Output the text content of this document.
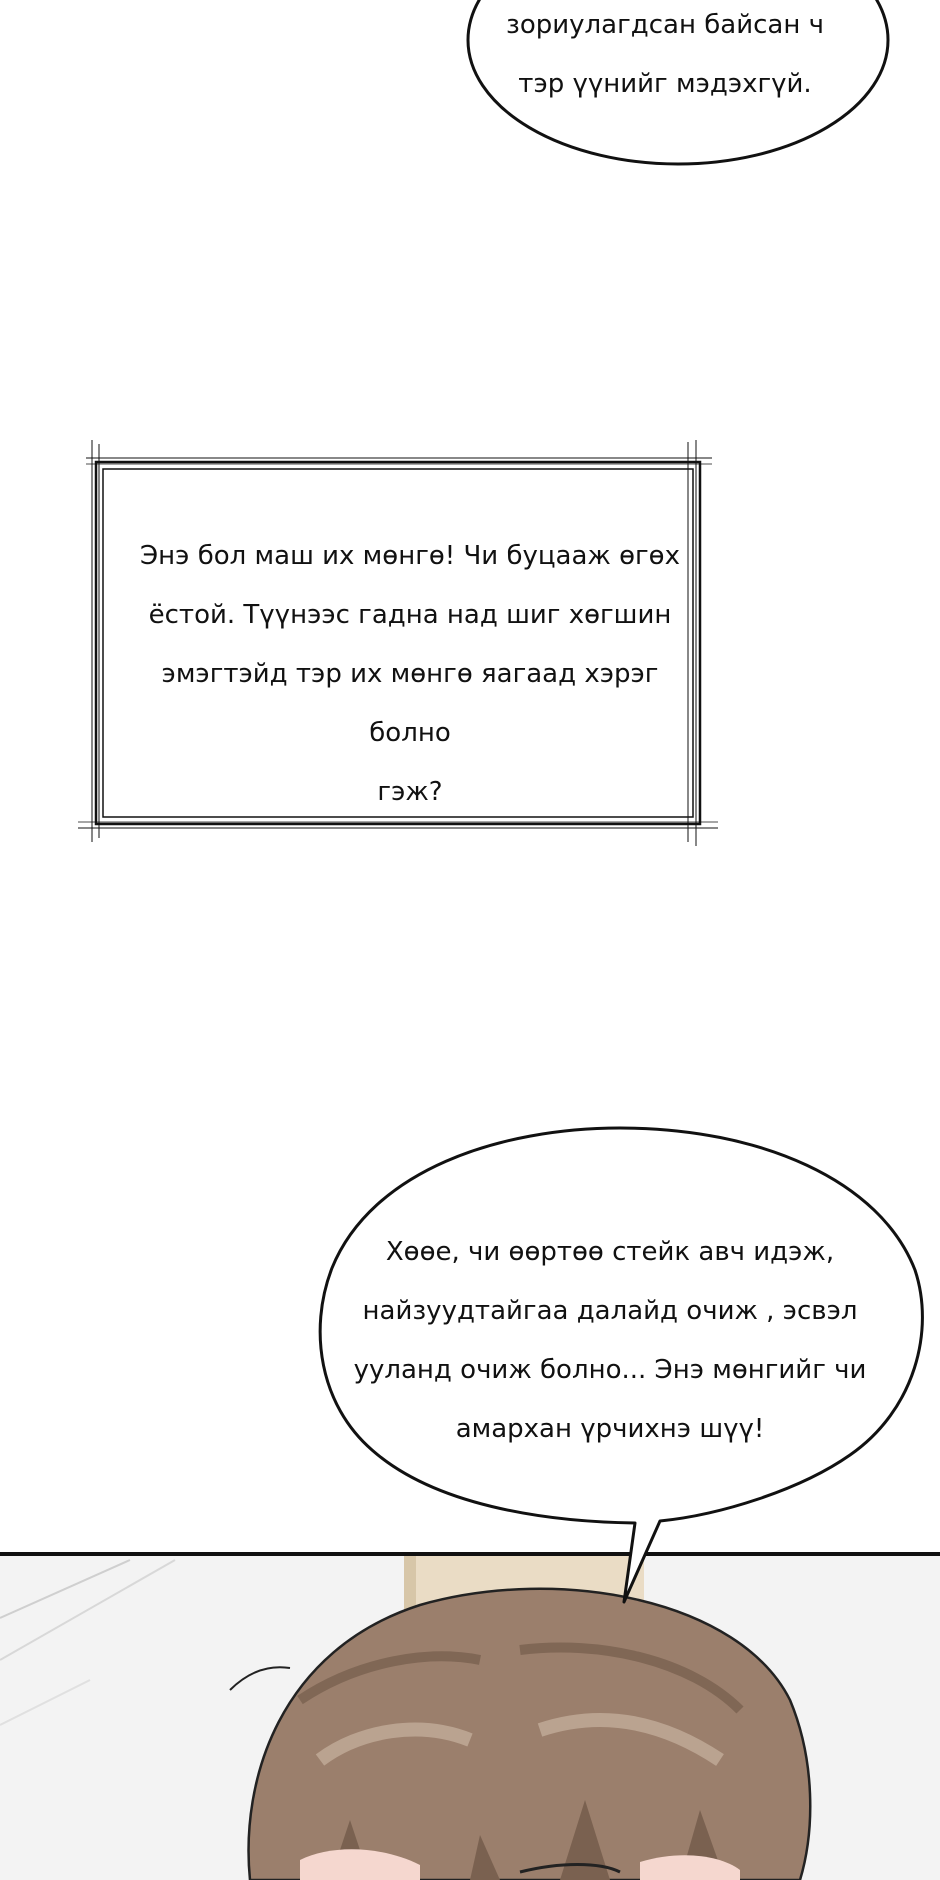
зориулагдсан байсан ч
тэр үүнийг мэдэхгүй.
Энэ бол маш их мөнгө! Чи буцааж өгөх
ёстой. Түүнээс гадна над шиг хөгшин
эмэгтэйд тэр их мөнгө яагаад хэрэг болно
гэж?
Хөөе, чи өөртөө стейк авч идэж,
найзуудтайгаа далайд очиж , эсвэл
ууланд очиж болно... Энэ мөнгийг чи
амархан үрчихнэ шүү!
